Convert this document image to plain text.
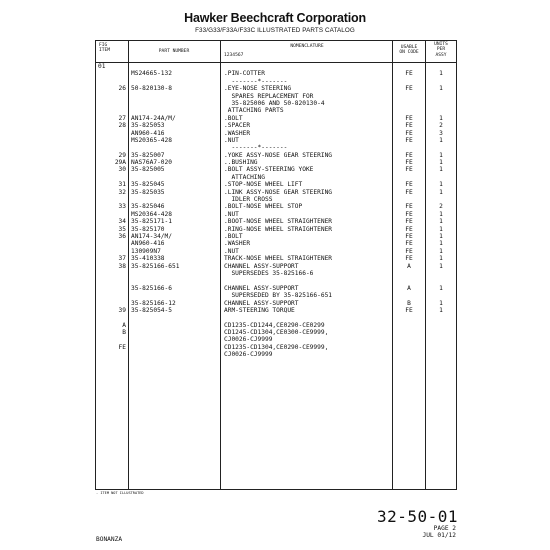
Hawker Beechcraft Corporation
F33/G33/F33A/F33C ILLUSTRATED PARTS CATALOG
FIG
ITEM	PART NUMBER
NOMENCLATURE
1234567
USABLE
ON CODE
UNITS
PER
ASSY
01
MS24665-132	.PIN-COTTER	FE	1
-------*-------
26 50-820130-8	.EYE-NOSE STEERING	FE	1
SPARES REPLACEMENT FOR
35-825006 AND 50-820130-4
ATTACHING PARTS
27 AN174-24A/M/	.BOLT	FE	1
28 35-825053	.SPACER	FE	2
AN960-416	.WASHER	FE	3
MS20365-428	.NUT	FE	1
-------*-------
29 35-825007	.YOKE ASSY-NOSE GEAR STEERING	FE	1
29A NAS76A7-020	..BUSHING	FE	1
30 35-825005	.BOLT ASSY-STEERING YOKE	FE	1
ATTACHING
31 35-825045	.STOP-NOSE WHEEL LIFT	FE	1
32 35-825035	.LINK ASSY-NOSE GEAR STEERING	FE	1
IDLER CROSS
33 35-825046	.BOLT-NOSE WHEEL STOP	FE	2
MS20364-428	.NUT	FE	1
34 35-825171-1	.BOOT-NOSE WHEEL STRAIGHTENER	FE	1
35 35-825170	.RING-NOSE WHEEL STRAIGHTENER	FE	1
36 AN174-34/M/	.BOLT	FE	1
AN960-416	.WASHER	FE	1
130909N7	.NUT	FE	1
37 35-410338	TRACK-NOSE WHEEL STRAIGHTENER	FE	1
38 35-825166-651	CHANNEL ASSY-SUPPORT	A	1
SUPERSEDES 35-825166-6
35-825166-6	CHANNEL ASSY-SUPPORT	A	1
SUPERSEDED BY 35-825166-651
35-825166-12	CHANNEL ASSY-SUPPORT	B	1
39 35-825054-5	ARM-STEERING TORQUE	FE	1
A	CD1235-CD1244,CE0290-CE0299
B	CD1245-CD1304,CE0300-CE9999,
CJ0026-CJ9999
FE	CD1235-CD1304,CE0290-CE9999,
CJ0026-CJ9999
- ITEM NOT ILLUSTRATED
32-50-01
PAGE 2
JUL 01/12
BONANZA
